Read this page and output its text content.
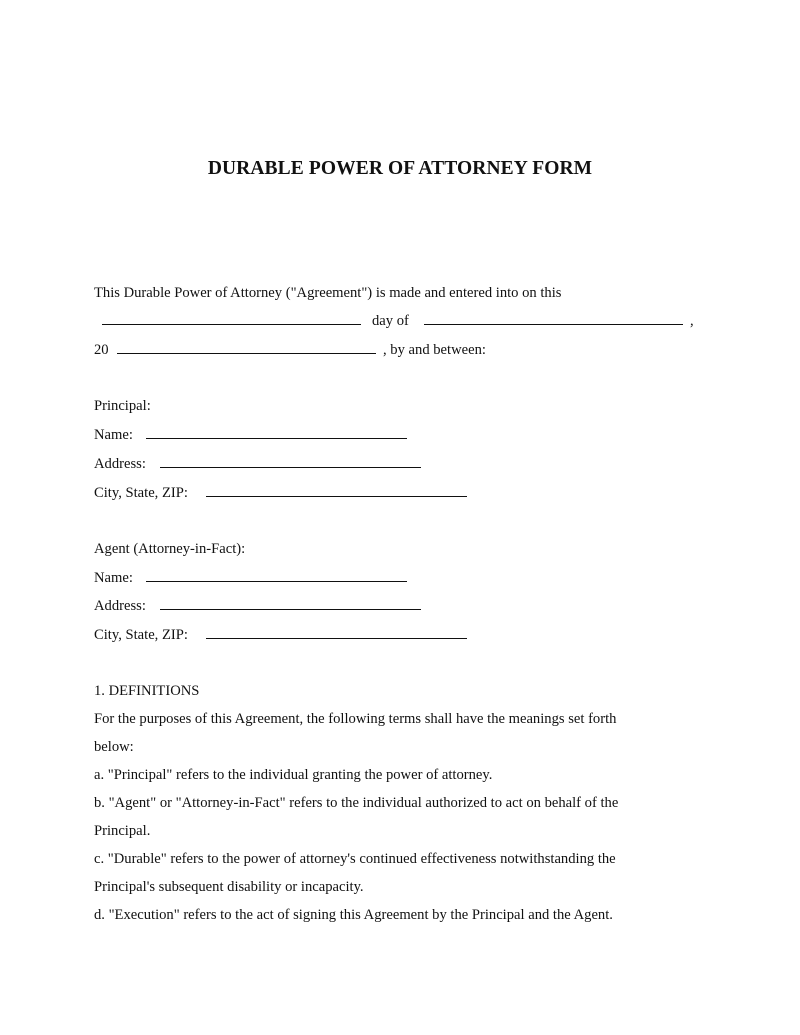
DURABLE POWER OF ATTORNEY FORM
This Durable Power of Attorney ("Agreement") is made and entered into on this
day of	,
20	, by and between:
Principal:
Name:
Address:
City, State, ZIP:
Agent (Attorney-in-Fact):
Name:
Address:
City, State, ZIP:
1. DEFINITIONS
For the purposes of this Agreement, the following terms shall have the meanings set forth
below:
a. "Principal" refers to the individual granting the power of attorney.
b. "Agent" or "Attorney-in-Fact" refers to the individual authorized to act on behalf of the
Principal.
c. "Durable" refers to the power of attorney's continued effectiveness notwithstanding the
Principal's subsequent disability or incapacity.
d. "Execution" refers to the act of signing this Agreement by the Principal and the Agent.
